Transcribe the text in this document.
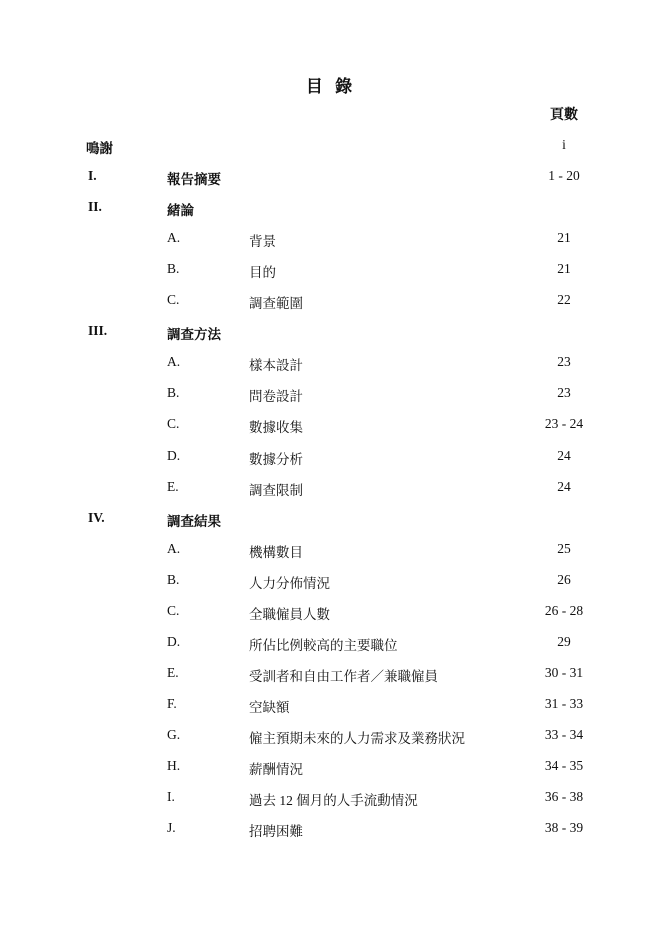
目 錄
頁數
鳴謝	i
I.	報告摘要	1 - 20
II.	緒論
A.	背景	21
B.	目的	21
C.	調查範圍	22
III.	調查方法
A.	樣本設計	23
B.	問卷設計	23
C.	數據收集	23 - 24
D.	數據分析	24
E.	調查限制	24
IV.	調查結果
A.	機構數目	25
B.	人力分佈情況	26
C.	全職僱員人數	26 - 28
D.	所佔比例較高的主要職位	29
E.	受訓者和自由工作者／兼職僱員	30 - 31
F.	空缺額	31 - 33
G.	僱主預期未來的人力需求及業務狀況	33 - 34
H.	薪酬情況	34 - 35
I.	過去 12 個月的人手流動情況	36 - 38
J.	招聘困難	38 - 39
